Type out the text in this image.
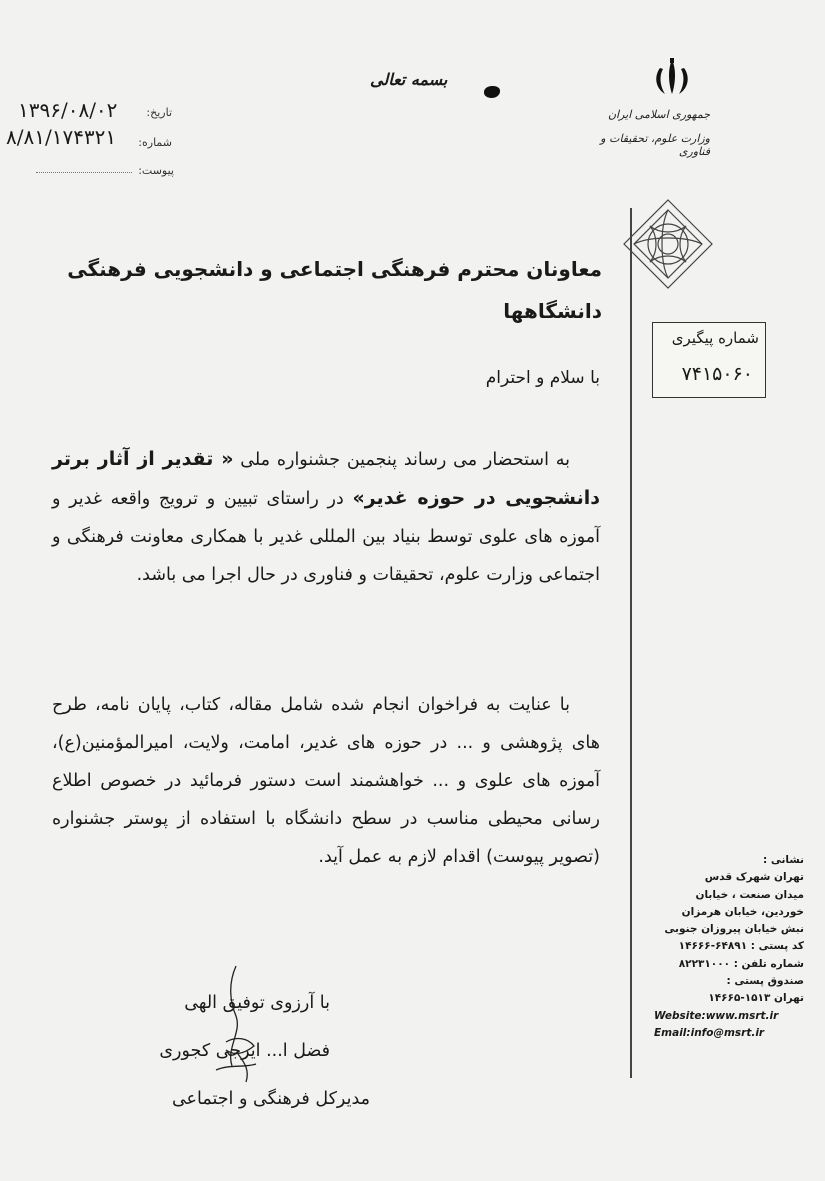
بسمه تعالی
۱۳۹۶/۰۸/۰۲	تاریخ:
۸/۸۱/۱۷۴۳۲۱	شماره:
پیوست:
جمهوری اسلامی ایران
وزارت علوم، تحقیقات و فناوری
شماره پیگیری
۷۴۱۵۰۶۰
معاونان محترم فرهنگی اجتماعی و دانشجویی فرهنگی
دانشگاهها
با سلام و احترام
به استحضار می رساند پنجمین جشنواره ملی « تقدیر از آثار برتر دانشجویی در حوزه غدیر» در راستای تبیین و ترویج واقعه غدیر و آموزه های علوی توسط بنیاد بین المللی غدیر با همکاری معاونت فرهنگی و اجتماعی وزارت علوم، تحقیقات و فناوری در حال اجرا می باشد.
با عنایت به فراخوان انجام شده شامل مقاله، کتاب، پایان نامه، طرح های پژوهشی و ... در حوزه های غدیر، امامت، ولایت، امیرالمؤمنین(ع)، آموزه های علوی و ... خواهشمند است دستور فرمائید در خصوص اطلاع رسانی محیطی مناسب در سطح دانشگاه با استفاده از پوستر جشنواره (تصویر پیوست) اقدام لازم به عمل آید.	نشانی :
تهران شهرک قدس
میدان صنعت ، خیابان
خوردین، خیابان هرمزان
نبش خیابان پیروزان جنوبی
کد پستی : ۶۴۸۹۱-۱۴۶۶۶
شماره تلفن : ۸۲۲۳۱۰۰۰
صندوق پستی :
تهران ۱۵۱۳-۱۴۶۶۵
Website:www.msrt.ir
Email:info@msrt.ir
با آرزوی توفیق الهی
فضل ا... ایرجی کجوری
مدیرکل فرهنگی و اجتماعی
